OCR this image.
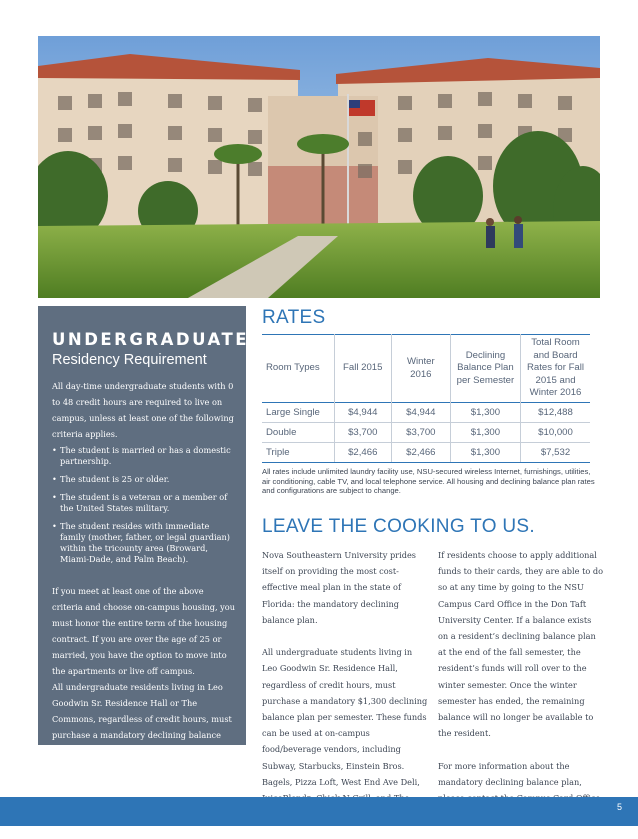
UNDERGRADUATE
Residency Requirement

All day-time undergraduate students with 0 to 48 credit hours are required to live on campus, unless at least one of the following criteria applies.

• The student is married or has a domestic partnership.
• The student is 25 or older.
• The student is a veteran or a member of the United States military.
• The student resides with immediate family (mother, father, or legal guardian) within the tricounty area (Broward, Miami-Dade, and Palm Beach).

If you meet at least one of the above criteria and choose on-campus housing, you must honor the entire term of the housing contract. If you are over the age of 25 or married, you have the option to move into the apartments or live off campus.

All undergraduate residents living in Leo Goodwin Sr. Residence Hall or The Commons, regardless of credit hours, must purchase a mandatory declining balance plan of $1,300.

RATES
Room Types	Fall 2015	Winter 2016	Declining Balance Plan per Semester	Total Room and Board Rates for Fall 2015 and Winter 2016
Large Single	$4,944	$4,944	$1,300	$12,488
Double	$3,700	$3,700	$1,300	$10,000
Triple	$2,466	$2,466	$1,300	$7,532

All rates include unlimited laundry facility use, NSU-secured wireless Internet, furnishings, utilities, air conditioning, cable TV, and local telephone service. All housing and declining balance plan rates and configurations are subject to change.

LEAVE THE COOKING TO US.

Nova Southeastern University prides itself on providing the most cost-effective meal plan in the state of Florida: the mandatory declining balance plan.

All undergraduate students living in Leo Goodwin Sr. Residence Hall, regardless of credit hours, must purchase a mandatory $1,300 declining balance plan per semester. These funds can be used at on-campus food/beverage vendors, including Subway, Starbucks, Einstein Bros. Bagels, Pizza Loft, West End Ave Deli,

If residents choose to apply additional funds to their cards, they are able to do so at any time by going to the NSU Campus Card Office in the Don Taft University Center. If a balance exists on a resident’s declining balance plan at the end of the fall semester, the resident’s funds will roll over to the winter semester. Once the winter semester has ended, the remaining balance will no longer be available to the resident.

For more information about the mandatory declining balance plan,

5
